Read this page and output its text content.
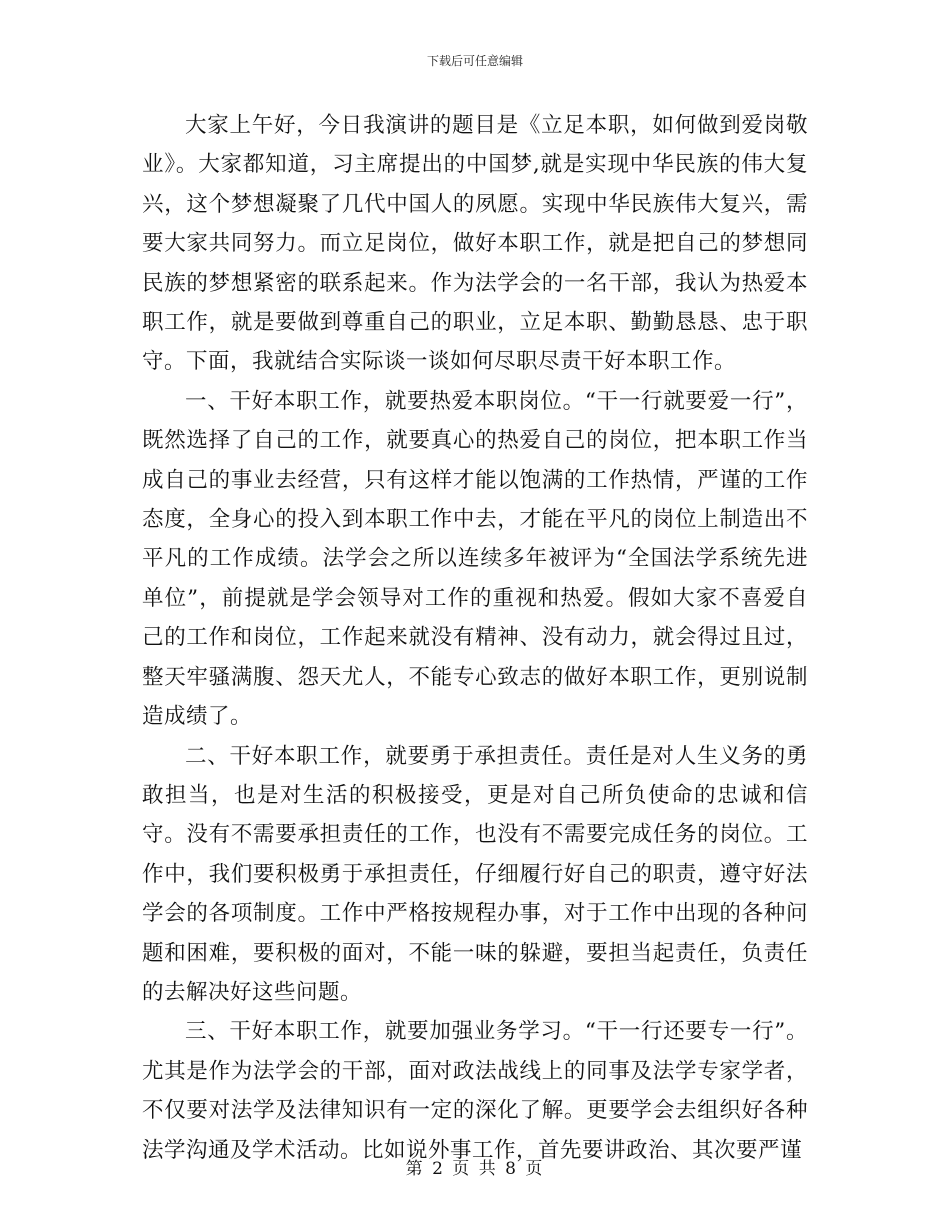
下载后可任意编辑

大家上午好，今日我演讲的题目是《立足本职，如何做到爱岗敬业》。大家都知道，习主席提出的中国梦,就是实现中华民族的伟大复兴，这个梦想凝聚了几代中国人的夙愿。实现中华民族伟大复兴，需要大家共同努力。而立足岗位，做好本职工作，就是把自己的梦想同民族的梦想紧密的联系起来。作为法学会的一名干部，我认为热爱本职工作，就是要做到尊重自己的职业，立足本职、勤勤恳恳、忠于职守。下面，我就结合实际谈一谈如何尽职尽责干好本职工作。

一、干好本职工作，就要热爱本职岗位。“干一行就要爱一行”，既然选择了自己的工作，就要真心的热爱自己的岗位，把本职工作当成自己的事业去经营，只有这样才能以饱满的工作热情，严谨的工作态度，全身心的投入到本职工作中去，才能在平凡的岗位上制造出不平凡的工作成绩。法学会之所以连续多年被评为“全国法学系统先进单位”，前提就是学会领导对工作的重视和热爱。假如大家不喜爱自己的工作和岗位，工作起来就没有精神、没有动力，就会得过且过，整天牢骚满腹、怨天尤人，不能专心致志的做好本职工作，更别说制造成绩了。

二、干好本职工作，就要勇于承担责任。责任是对人生义务的勇敢担当，也是对生活的积极接受，更是对自己所负使命的忠诚和信守。没有不需要承担责任的工作，也没有不需要完成任务的岗位。工作中，我们要积极勇于承担责任，仔细履行好自己的职责，遵守好法学会的各项制度。工作中严格按规程办事，对于工作中出现的各种问题和困难，要积极的面对，不能一味的躲避，要担当起责任，负责任的去解决好这些问题。

三、干好本职工作，就要加强业务学习。“干一行还要专一行”。尤其是作为法学会的干部，面对政法战线上的同事及法学专家学者，不仅要对法学及法律知识有一定的深化了解。更要学会去组织好各种法学沟通及学术活动。比如说外事工作，首先要讲政治、其次要严谨

第 2 页 共 8 页
